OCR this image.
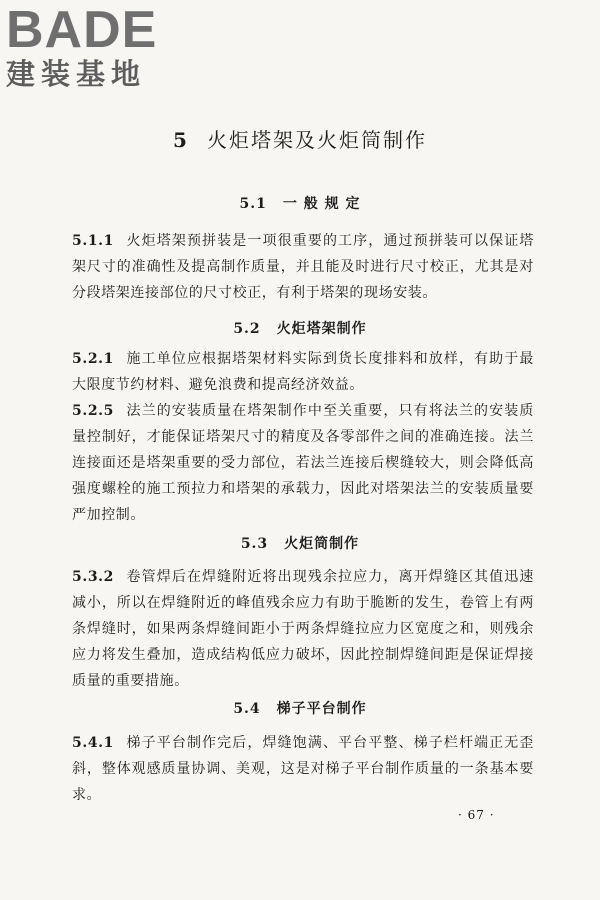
BADE
建装基地
5 火炬塔架及火炬筒制作
5.1 一 般 规 定
5.1.1 火炬塔架预拼装是一项很重要的工序，通过预拼装可以保证塔架尺寸的准确性及提高制作质量，并且能及时进行尺寸校正，尤其是对分段塔架连接部位的尺寸校正，有利于塔架的现场安装。
5.2 火炬塔架制作
5.2.1 施工单位应根据塔架材料实际到货长度排料和放样，有助于最大限度节约材料、避免浪费和提高经济效益。
5.2.5 法兰的安装质量在塔架制作中至关重要，只有将法兰的安装质量控制好，才能保证塔架尺寸的精度及各零部件之间的准确连接。法兰连接面还是塔架重要的受力部位，若法兰连接后楔缝较大，则会降低高强度螺栓的施工预拉力和塔架的承载力，因此对塔架法兰的安装质量要严加控制。
5.3 火炬筒制作
5.3.2 卷管焊后在焊缝附近将出现残余拉应力，离开焊缝区其值迅速减小，所以在焊缝附近的峰值残余应力有助于脆断的发生，卷管上有两条焊缝时，如果两条焊缝间距小于两条焊缝拉应力区宽度之和，则残余应力将发生叠加，造成结构低应力破坏，因此控制焊缝间距是保证焊接质量的重要措施。
5.4 梯子平台制作
5.4.1 梯子平台制作完后，焊缝饱满、平台平整、梯子栏杆端正无歪斜，整体观感质量协调、美观，这是对梯子平台制作质量的一条基本要求。
· 67 ·
